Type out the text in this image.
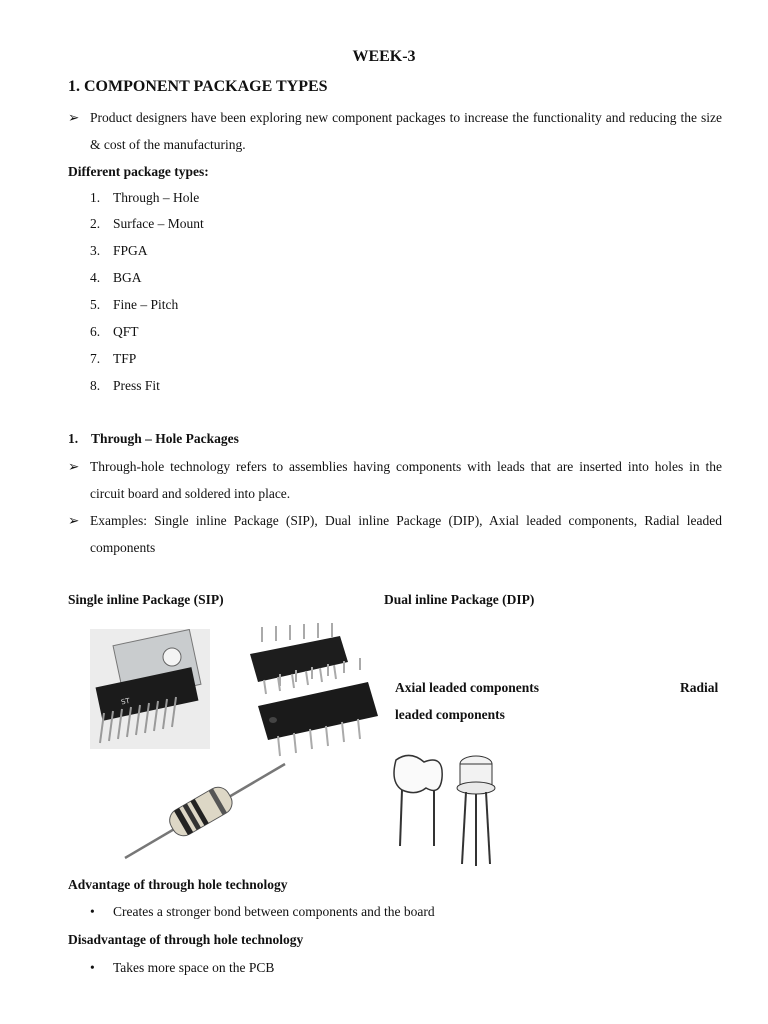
WEEK-3
1. COMPONENT PACKAGE TYPES
➢ Product designers have been exploring new component packages to increase the functionality and reducing the size & cost of the manufacturing.
Different package types:
1. Through – Hole
2. Surface – Mount
3. FPGA
4. BGA
5. Fine – Pitch
6. QFT
7. TFP
8. Press Fit
1. Through – Hole Packages
➢ Through-hole technology refers to assemblies having components with leads that are inserted into holes in the circuit board and soldered into place.
➢ Examples: Single inline Package (SIP), Dual inline Package (DIP), Axial leaded components, Radial leaded components
Single inline Package (SIP)	Dual inline Package (DIP)
Axial leaded components	Radial
leaded components
ST
Advantage of through hole technology
• Creates a stronger bond between components and the board
Disadvantage of through hole technology
• Takes more space on the PCB
